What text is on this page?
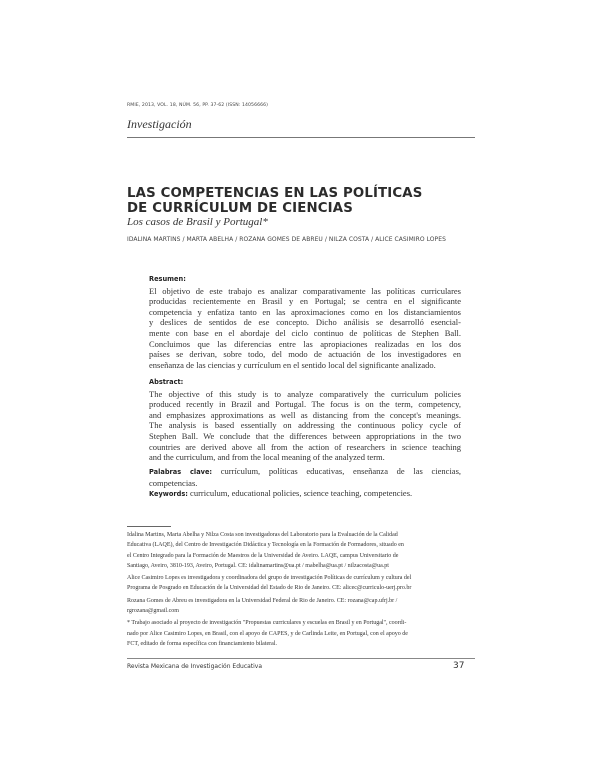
RMIE, 2013, VOL. 18, NÚM. 56, PP. 37-62 (ISSN: 14056666)
Investigación
LAS COMPETENCIAS EN LAS POLÍTICAS
DE CURRÍCULUM DE CIENCIAS
Los casos de Brasil y Portugal*
IDALINA MARTINS / MARTA ABELHA / ROZANA GOMES DE ABREU / NILZA COSTA / ALICE CASIMIRO LOPES
Resumen:
El objetivo de este trabajo es analizar comparativamente las políticas curriculares
producidas recientemente en Brasil y en Portugal; se centra en el significante
competencia y enfatiza tanto en las aproximaciones como en los distanciamientos
y deslices de sentidos de ese concepto. Dicho análisis se desarrolló esencial-
mente con base en el abordaje del ciclo continuo de políticas de Stephen Ball.
Concluimos que las diferencias entre las apropiaciones realizadas en los dos
países se derivan, sobre todo, del modo de actuación de los investigadores en
enseñanza de las ciencias y currículum en el sentido local del significante analizado.
Abstract:
The objective of this study is to analyze comparatively the curriculum policies
produced recently in Brazil and Portugal. The focus is on the term, competency,
and emphasizes approximations as well as distancing from the concept's meanings.
The analysis is based essentially on addressing the continuous policy cycle of
Stephen Ball. We conclude that the differences between appropriations in the two
countries are derived above all from the action of researchers in science teaching
and the curriculum, and from the local meaning of the analyzed term.
Palabras clave: currículum, políticas educativas, enseñanza de las ciencias,
competencias.
Keywords: curriculum, educational policies, science teaching, competencies.
Idalina Martins, Marta Abelha y Nilza Costa son investigadoras del Laboratorio para la Evaluación de la Calidad
Educativa (LAQE), del Centro de Investigación Didáctica y Tecnología en la Formación de Formadores, situado en
el Centro Integrado para la Formación de Maestros de la Universidad de Aveiro. LAQE, campus Universitario de
Santiago, Aveiro, 3810-193, Aveiro, Portugal. CE: idalinamartins@ua.pt / mabelha@ua.pt / nilzacosta@ua.pt
Alice Casimiro Lopes es investigadora y coordinadora del grupo de investigación Políticas de currículum y cultura del
Programa de Posgrado en Educación de la Universidad del Estado de Rio de Janeiro. CE: alicec@curriculo-uerj.pro.br
Rozana Gomes de Abreu es investigadora en la Universidad Federal de Rio de Janeiro. CE: rozana@cap.ufrj.br /
rgrozana@gmail.com
* Trabajo asociado al proyecto de investigación "Propuestas curriculares y escuelas en Brasil y en Portugal", coordi-
nado por Alice Casimiro Lopes, en Brasil, con el apoyo de CAPES, y de Carlinda Leite, en Portugal, con el apoyo de
FCT, editado de forma específica con financiamiento bilateral.
Revista Mexicana de Investigación Educativa	37
